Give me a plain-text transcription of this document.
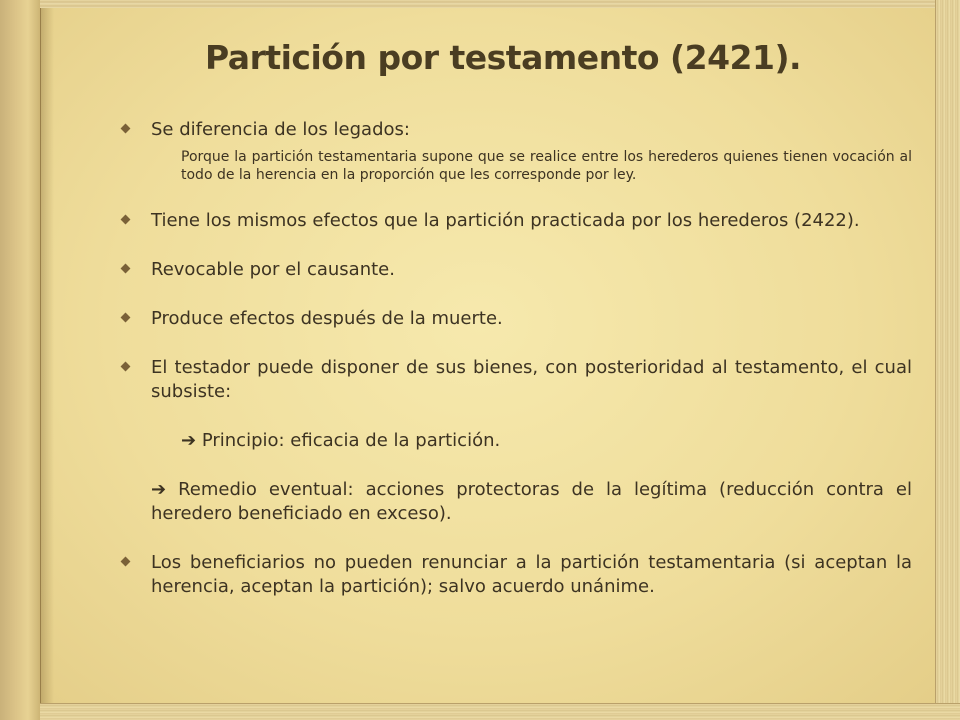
Partición por testamento (2421).
Se diferencia de los legados:

Porque la partición testamentaria supone que se realice entre los herederos quienes tienen vocación al todo de la herencia en la proporción que les corresponde por ley.

Tiene los mismos efectos que la partición practicada por los herederos (2422).
Revocable por el causante.
Produce efectos después de la muerte.
El testador puede disponer de sus bienes, con posterioridad al testamento, el cual subsiste:
➔ Principio: eficacia de la partición.
➔ Remedio eventual: acciones protectoras de la legítima (reducción contra el heredero beneficiado en exceso).
Los beneficiarios no pueden renunciar a la partición testamentaria (si aceptan la herencia, aceptan la partición); salvo acuerdo unánime.
